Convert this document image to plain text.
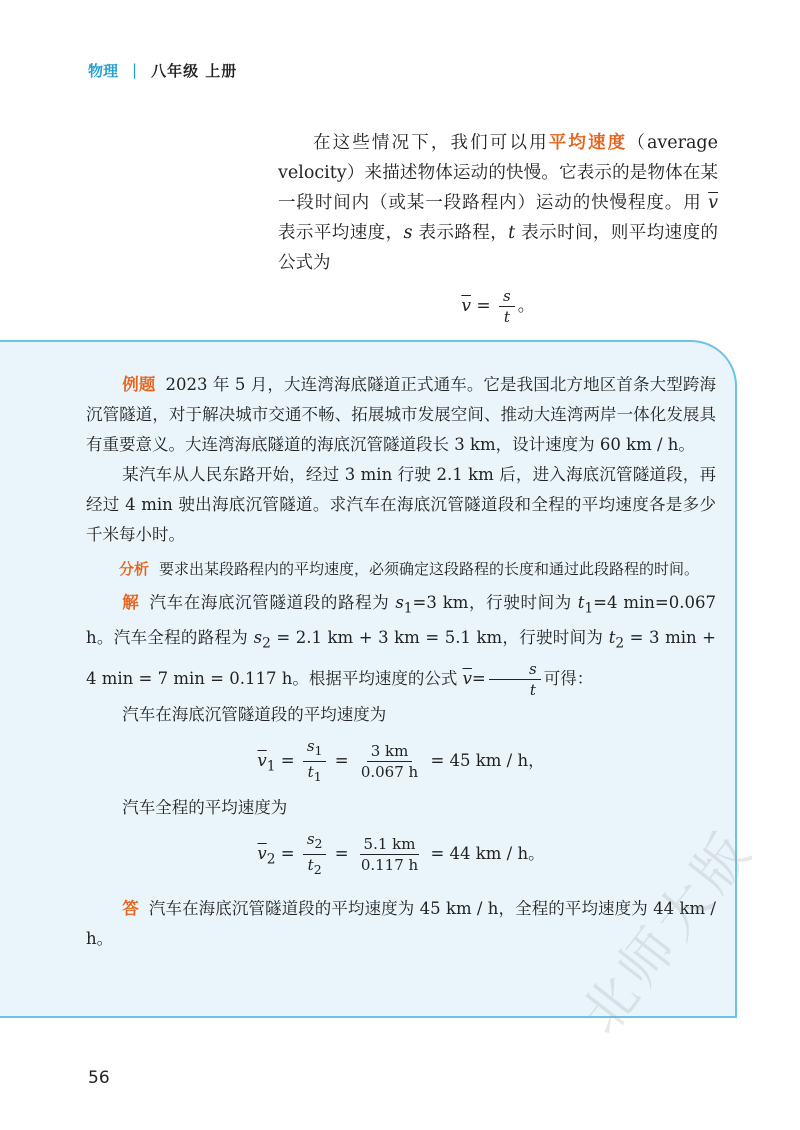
物理 | 八年级 上册

在这些情况下，我们可以用平均速度（average velocity）来描述物体运动的快慢。它表示的是物体在某一段时间内（或某一段路程内）运动的快慢程度。用 $\overline{v}$ 表示平均速度，s 表示路程，t 表示时间，则平均速度的公式为

$\overline{v} = \frac{s}{t}$ 。

例题 2023 年 5 月，大连湾海底隧道正式通车。它是我国北方地区首条大型跨海沉管隧道，对于解决城市交通不畅、拓展城市发展空间、推动大连湾两岸一体化发展具有重要意义。大连湾海底隧道的海底沉管隧道段长 3 km，设计速度为 60 km / h。

某汽车从人民东路开始，经过 3 min 行驶 2.1 km 后，进入海底沉管隧道段，再经过 4 min 驶出海底沉管隧道。求汽车在海底沉管隧道段和全程的平均速度各是多少千米每小时。

分析 要求出某段路程内的平均速度，必须确定这段路程的长度和通过此段路程的时间。

解 汽车在海底沉管隧道段的路程为 $s_1=3$ km，行驶时间为 $t_1=4$ min=0.067 h。汽车全程的路程为 $s_2 = 2.1$ km + 3 km = 5.1 km，行驶时间为 $t_2 = 3$ min + 4 min = 7 min = 0.117 h。根据平均速度的公式 $\overline{v}= \frac{s}{t}$ 可得：

汽车在海底沉管隧道段的平均速度为

$\overline{v}_1 = \frac{s_1}{t_1} = \frac{3 km}{0.067 h} = 45$ km / h，

汽车全程的平均速度为

$\overline{v}_2 = \frac{s_2}{t_2} = \frac{5.1 km}{0.117 h} = 44$ km / h。

答 汽车在海底沉管隧道段的平均速度为 45 km / h，全程的平均速度为 44 km / h。

56
北师大版
